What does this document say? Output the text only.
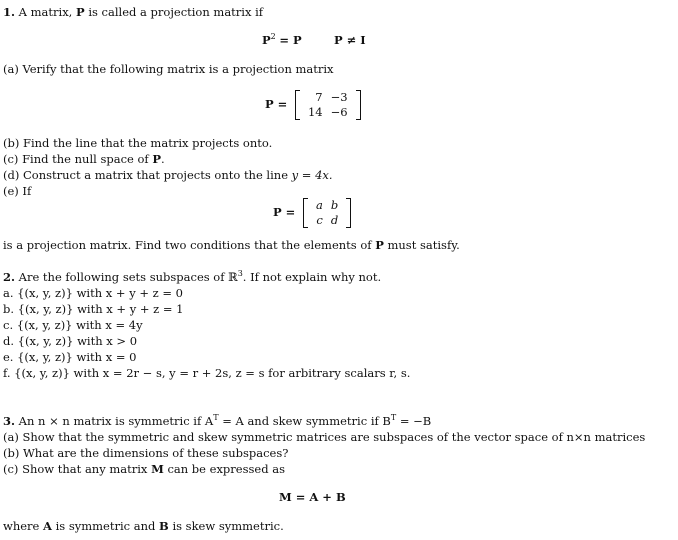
1. A matrix, P is called a projection matrix if
$P^2 = P$	P ≠ I
(a) Verify that the following matrix is a projection matrix
P =	7 −3
14 −6
(b) Find the line that the matrix projects onto.
(c) Find the null space of P.
(d) Construct a matrix that projects onto the line y = 4x.
(e) If
P =	a b
c d
is a projection matrix. Find two conditions that the elements of P must satisfy.
2. Are the following sets subspaces of ℝ$^3$. If not explain why not.
a. {(x, y, z)} with x + y + z = 0
b. {(x, y, z)} with x + y + z = 1
c. {(x, y, z)} with x = 4y
d. {(x, y, z)} with x > 0
e. {(x, y, z)} with x = 0
f. {(x, y, z)} with x = 2r − s, y = r + 2s, z = s for arbitrary scalars r, s.
3. An n × n matrix is symmetric if $A^T = A$ and skew symmetric if $B^T = -B$
(a) Show that the symmetric and skew symmetric matrices are subspaces of the vector space of n×n matrices
(b) What are the dimensions of these subspaces?
(c) Show that any matrix M can be expressed as
M = A + B
where A is symmetric and B is skew symmetric.
